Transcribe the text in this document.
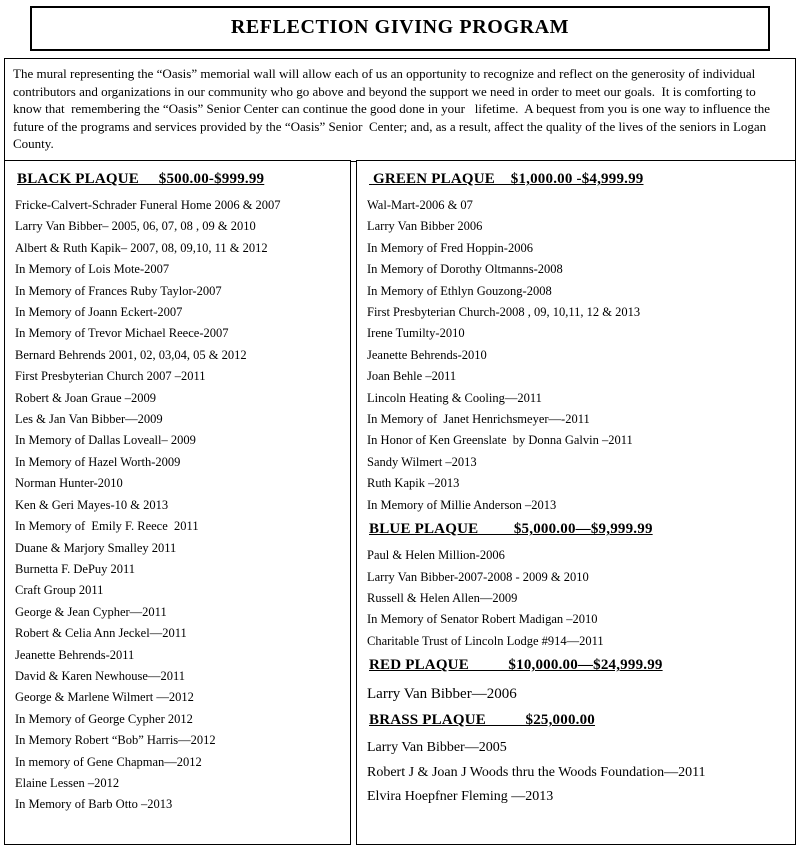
REFLECTION GIVING PROGRAM
The mural representing the “Oasis” memorial wall will allow each of us an opportunity to recognize and reflect on the generosity of individual contributors and organizations in our community who go above and beyond the support we need in order to meet our goals.  It is comforting to know that  remembering the “Oasis” Senior Center can continue the good done in your   lifetime.  A bequest from you is one way to influence the future of the programs and services provided by the “Oasis” Senior  Center; and, as a result, affect the quality of the lives of the seniors in Logan County.
BLACK PLAQUE     $500.00-$999.99
Fricke-Calvert-Schrader Funeral Home 2006 & 2007
Larry Van Bibber– 2005, 06, 07, 08 , 09 & 2010
Albert & Ruth Kapik– 2007, 08, 09,10, 11 & 2012
In Memory of Lois Mote-2007
In Memory of Frances Ruby Taylor-2007
In Memory of Joann Eckert-2007
In Memory of Trevor Michael Reece-2007
Bernard Behrends 2001, 02, 03,04, 05 & 2012
First Presbyterian Church 2007 –2011
Robert & Joan Graue –2009
Les & Jan Van Bibber—2009
In Memory of Dallas Loveall– 2009
In Memory of Hazel Worth-2009
Norman Hunter-2010
Ken & Geri Mayes-10 & 2013
In Memory of  Emily F. Reece  2011
Duane & Marjory Smalley 2011
Burnetta F. DePuy 2011
Craft Group 2011
George & Jean Cypher—2011
Robert & Celia Ann Jeckel—2011
Jeanette Behrends-2011
David & Karen Newhouse—2011
George & Marlene Wilmert —2012
In Memory of George Cypher 2012
In Memory Robert “Bob” Harris—2012
In memory of Gene Chapman—2012
Elaine Lessen –2012
In Memory of Barb Otto –2013
GREEN PLAQUE    $1,000.00 -$4,999.99
Wal-Mart-2006 & 07
Larry Van Bibber 2006
In Memory of Fred Hoppin-2006
In Memory of Dorothy Oltmanns-2008
In Memory of Ethlyn Gouzong-2008
First Presbyterian Church-2008 , 09, 10,11, 12 & 2013
Irene Tumilty-2010
Jeanette Behrends-2010
Joan Behle –2011
Lincoln Heating & Cooling—2011
In Memory of  Janet Henrichsmeyer—-2011
In Honor of Ken Greenslate  by Donna Galvin –2011
Sandy Wilmert –2013
Ruth Kapik –2013
In Memory of Millie Anderson –2013
BLUE PLAQUE         $5,000.00—$9,999.99
Paul & Helen Million-2006
Larry Van Bibber-2007-2008 - 2009 & 2010
Russell & Helen Allen—2009
In Memory of Senator Robert Madigan –2010
Charitable Trust of Lincoln Lodge #914—2011
RED PLAQUE          $10,000.00—$24,999.99
Larry Van Bibber—2006
BRASS PLAQUE          $25,000.00
Larry Van Bibber—2005
Robert J & Joan J Woods thru the Woods Foundation—2011
Elvira Hoepfner Fleming —2013
